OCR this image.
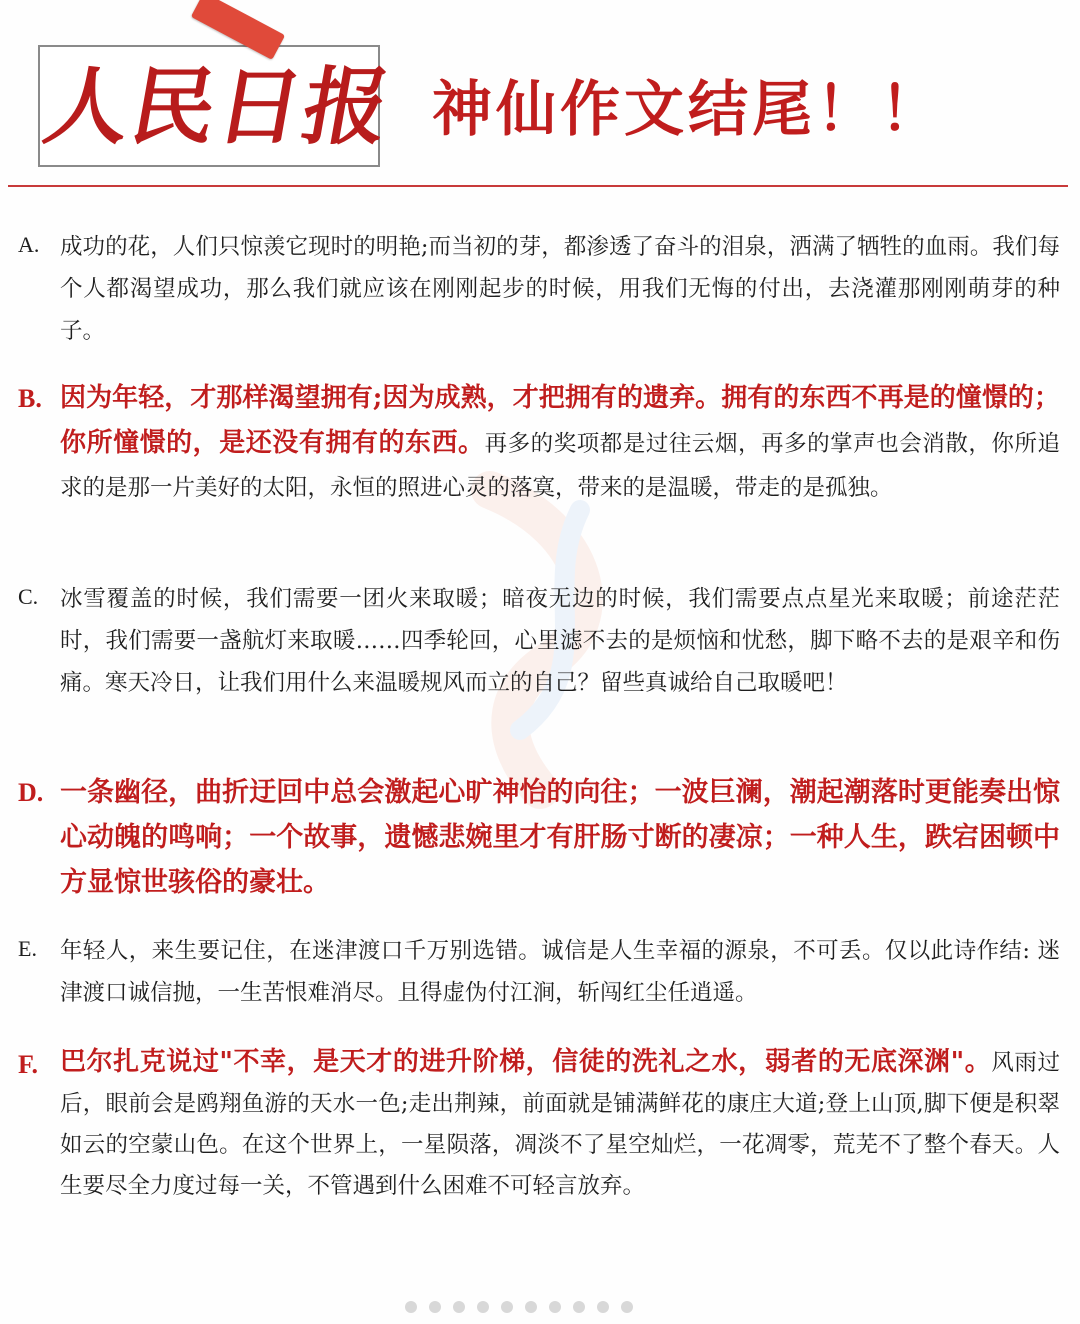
人民日报 神仙作文结尾！！
A. 成功的花，人们只惊羡它现时的明艳;而当初的芽，都渗透了奋斗的泪泉，洒满了牺牲的血雨。我们每个人都渴望成功，那么我们就应该在刚刚起步的时候，用我们无悔的付出，去浇灌那刚刚萌芽的种子。
B. 因为年轻，才那样渴望拥有;因为成熟，才把拥有的遗弃。拥有的东西不再是的憧憬的；你所憧憬的，是还没有拥有的东西。再多的奖项都是过往云烟，再多的掌声也会消散，你所追求的是那一片美好的太阳，永恒的照进心灵的落寞，带来的是温暖，带走的是孤独。
C. 冰雪覆盖的时候，我们需要一团火来取暖；暗夜无边的时候，我们需要点点星光来取暖；前途茫茫时，我们需要一盏航灯来取暖……四季轮回，心里滤不去的是烦恼和忧愁，脚下略不去的是艰辛和伤痛。寒天冷日，让我们用什么来温暖规风而立的自己？留些真诚给自己取暖吧！
D. 一条幽径，曲折迂回中总会激起心旷神怡的向往；一波巨澜，潮起潮落时更能奏出惊心动魄的鸣响；一个故事，遗憾悲婉里才有肝肠寸断的凄凉；一种人生，跌宕困顿中方显惊世骇俗的豪壮。
E. 年轻人，来生要记住，在迷津渡口千万别选错。诚信是人生幸福的源泉，不可丢。仅以此诗作结: 迷津渡口诚信抛，一生苦恨难消尽。且得虚伪付江涧，斩闯红尘任逍遥。
F. 巴尔扎克说过"不幸，是天才的进升阶梯，信徒的洗礼之水，弱者的无底深渊"。风雨过后，眼前会是鸥翔鱼游的天水一色;走出荆辣，前面就是铺满鲜花的康庄大道;登上山顶,脚下便是积翠如云的空蒙山色。在这个世界上，一星陨落，凋淡不了星空灿烂，一花凋零，荒芜不了整个春天。人生要尽全力度过每一关，不管遇到什么困难不可轻言放弃。
